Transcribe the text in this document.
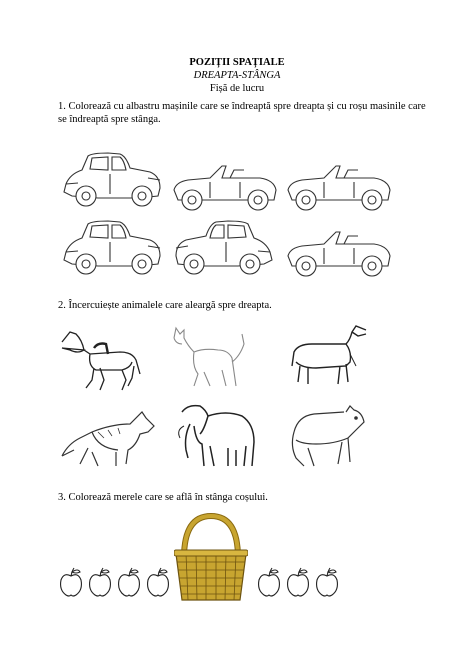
POZIȚII SPAȚIALE
DREAPTA-STÂNGA
Fișă de lucru
1. Colorează cu albastru mașinile care se îndreaptă spre dreapta și cu roșu masinile care se îndreaptă spre stânga.
2. Încercuiește animalele care aleargă spre dreapta.
3. Colorează merele care se află în stânga coșului.
